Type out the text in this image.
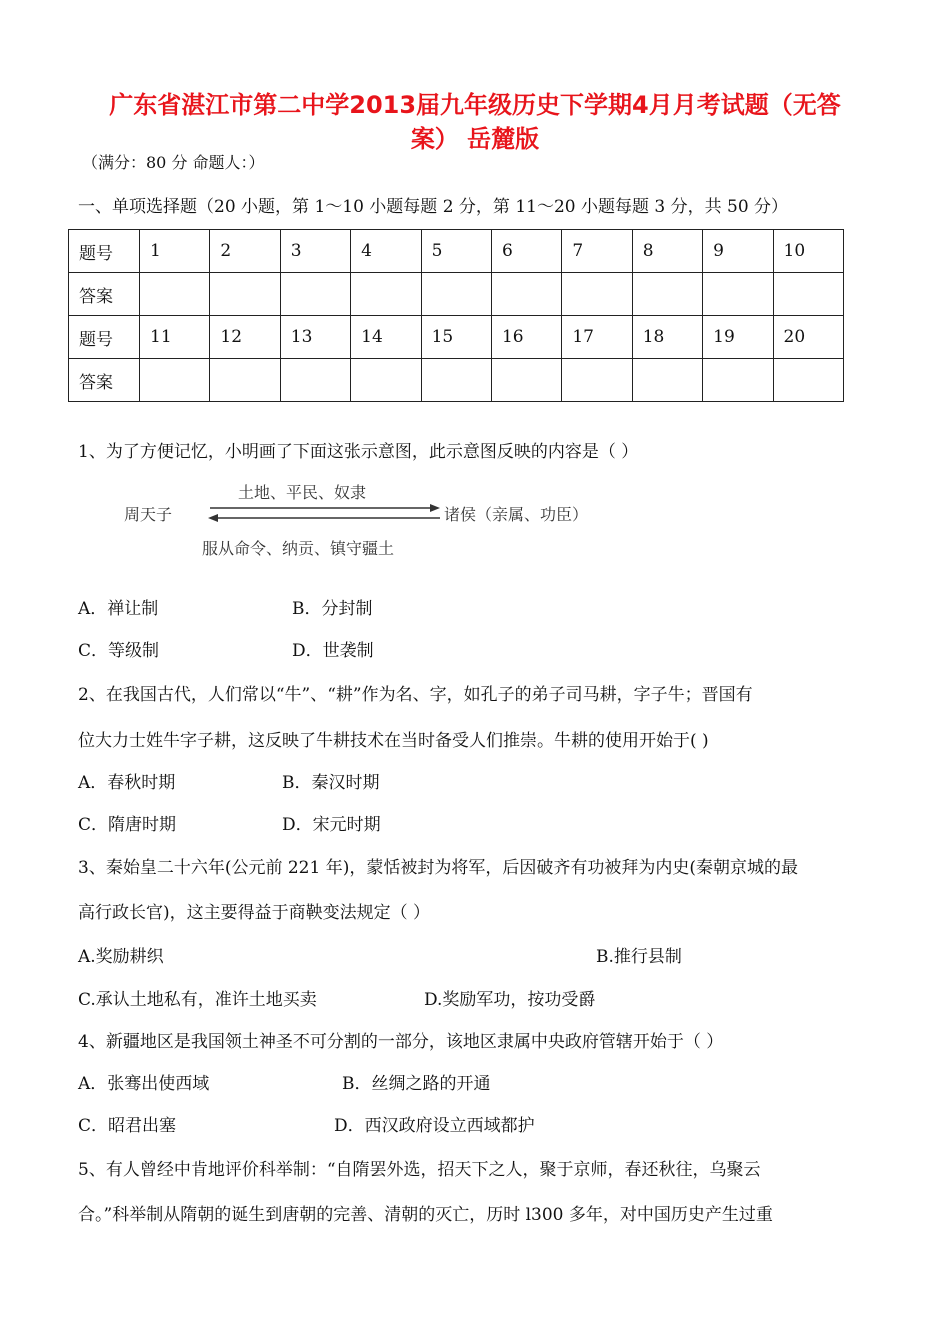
广东省湛江市第二中学2013届九年级历史下学期4月月考试题（无答
案） 岳麓版
（满分：80 分 命题人：）
一、单项选择题（20 小题，第 1～10 小题每题 2 分，第 11～20 小题每题 3 分，共 50 分）
题号	1	2	3	4	5	6	7	8	9	10
答案										
题号	11	12	13	14	15	16	17	18	19	20
答案										
1、为了方便记忆，小明画了下面这张示意图，此示意图反映的内容是（ ）
周天子
土地、平民、奴隶
诸侯（亲属、功臣）
服从命令、纳贡、镇守疆土
A．禅让制	B．分封制
C．等级制	D．世袭制
2、在我国古代，人们常以“牛”、“耕”作为名、字，如孔子的弟子司马耕，字子牛；晋国有
位大力士姓牛字子耕，这反映了牛耕技术在当时备受人们推崇。牛耕的使用开始于( )
A．春秋时期	B．秦汉时期
C．隋唐时期	D．宋元时期
3、秦始皇二十六年(公元前 221 年)，蒙恬被封为将军，后因破齐有功被拜为内史(秦朝京城的最
高行政长官)，这主要得益于商鞅变法规定（ ）
A.奖励耕织	B.推行县制
C.承认土地私有，准许土地买卖	D.奖励军功，按功受爵
4、新疆地区是我国领土神圣不可分割的一部分，该地区隶属中央政府管辖开始于（ ）
A．张骞出使西域	B．丝绸之路的开通
C．昭君出塞	D．西汉政府设立西域都护
5、有人曾经中肯地评价科举制：“自隋罢外选，招天下之人，聚于京师，春还秋往，乌聚云
合。”科举制从隋朝的诞生到唐朝的完善、清朝的灭亡，历时 l300 多年，对中国历史产生过重
